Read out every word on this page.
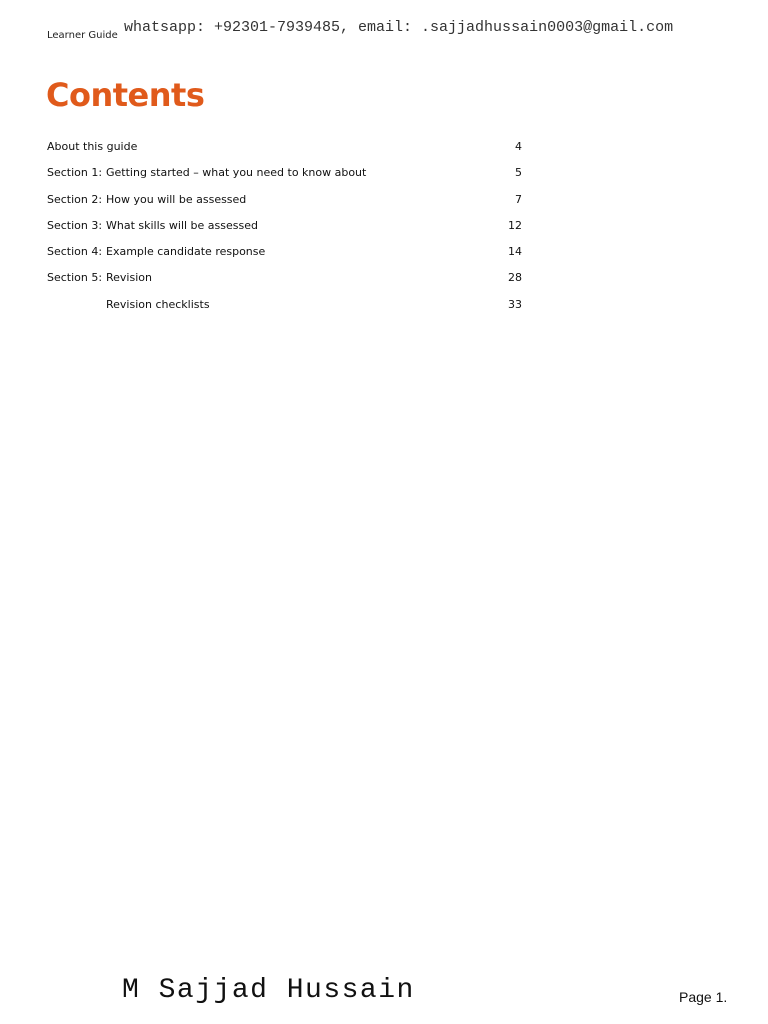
Learner Guide whatsapp: +92301-7939485, email: .sajjadhussain0003@gmail.com
Contents
About this guide	4
Section 1: Getting started – what you need to know about	5
Section 2: How you will be assessed	7
Section 3: What skills will be assessed	12
Section 4: Example candidate response	14
Section 5: Revision	28
Revision checklists	33
M Sajjad Hussain	Page 1.
